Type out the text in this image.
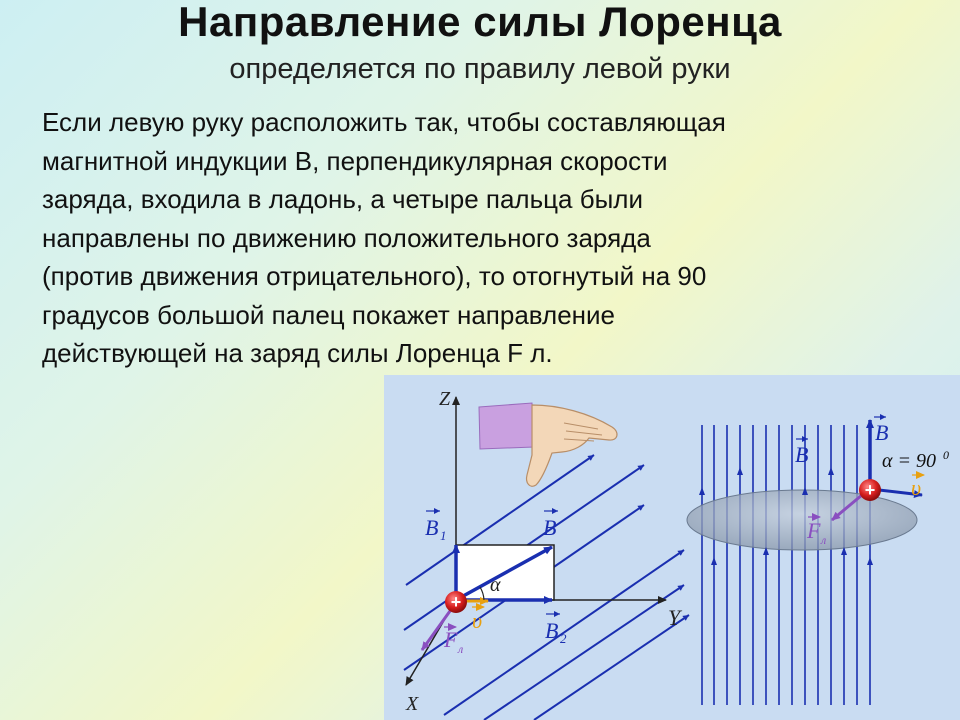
Направление силы Лоренца
определяется по правилу левой руки
Если левую руку расположить так, чтобы составляющая
магнитной индукции B, перпендикулярная скорости
заряда, входила в ладонь, а четыре пальца были
направлены по движению положительного заряда
(против движения отрицательного), то отогнутый на 90
градусов большой палец покажет направление
действующей на заряд силы Лоренца F л.
+
Z
Y
X
B 1	B
B 2
α
υ
F л
+
B
B	α = 90 0
υ
F л
